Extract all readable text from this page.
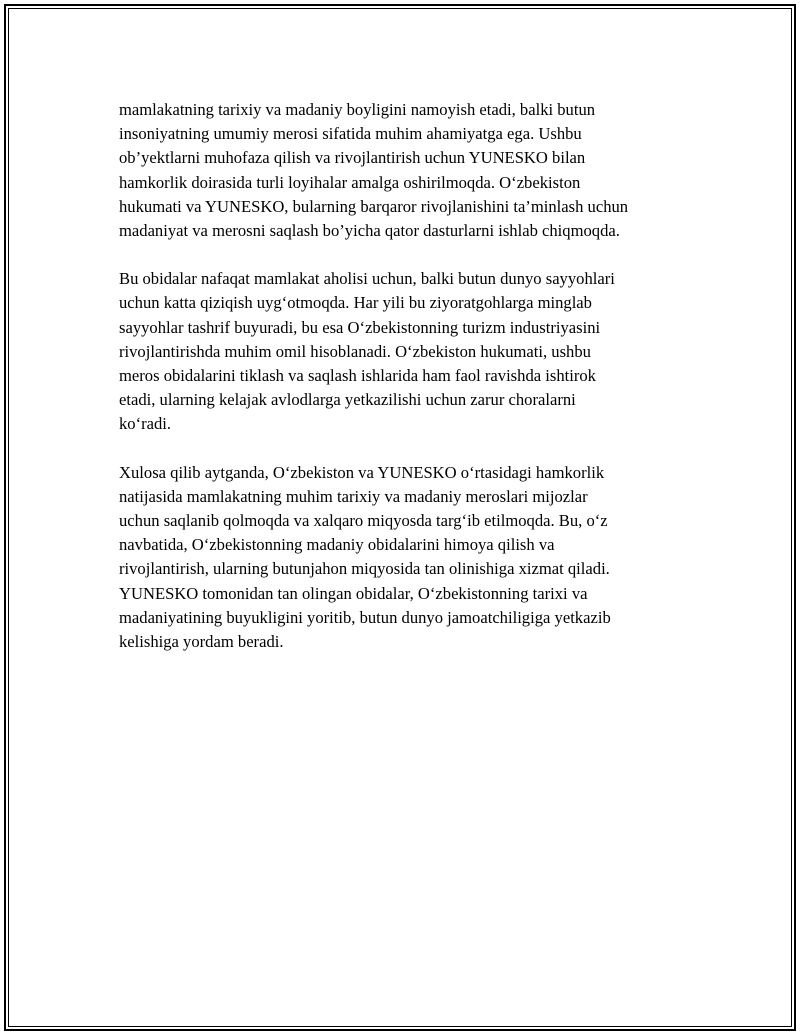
mamlakatning tarixiy va madaniy boyligini namoyish etadi, balki butun
insoniyatning umumiy merosi sifatida muhim ahamiyatga ega. Ushbu
ob’yektlarni muhofaza qilish va rivojlantirish uchun YUNESKO bilan
hamkorlik doirasida turli loyihalar amalga oshirilmoqda. O‘zbekiston
hukumati va YUNESKO, bularning barqaror rivojlanishini ta’minlash uchun
madaniyat va merosni saqlash bo’yicha qator dasturlarni ishlab chiqmoqda.

Bu obidalar nafaqat mamlakat aholisi uchun, balki butun dunyo sayyohlari
uchun katta qiziqish uyg‘otmoqda. Har yili bu ziyoratgohlarga minglab
sayyohlar tashrif buyuradi, bu esa O‘zbekistonning turizm industriyasini
rivojlantirishda muhim omil hisoblanadi. O‘zbekiston hukumati, ushbu
meros obidalarini tiklash va saqlash ishlarida ham faol ravishda ishtirok
etadi, ularning kelajak avlodlarga yetkazilishi uchun zarur choralarni
ko‘radi.

Xulosa qilib aytganda, O‘zbekiston va YUNESKO o‘rtasidagi hamkorlik
natijasida mamlakatning muhim tarixiy va madaniy meroslari mijozlar
uchun saqlanib qolmoqda va xalqaro miqyosda targ‘ib etilmoqda. Bu, o‘z
navbatida, O‘zbekistonning madaniy obidalarini himoya qilish va
rivojlantirish, ularning butunjahon miqyosida tan olinishiga xizmat qiladi.
YUNESKO tomonidan tan olingan obidalar, O‘zbekistonning tarixi va
madaniyatining buyukligini yoritib, butun dunyo jamoatchiligiga yetkazib
kelishiga yordam beradi.
